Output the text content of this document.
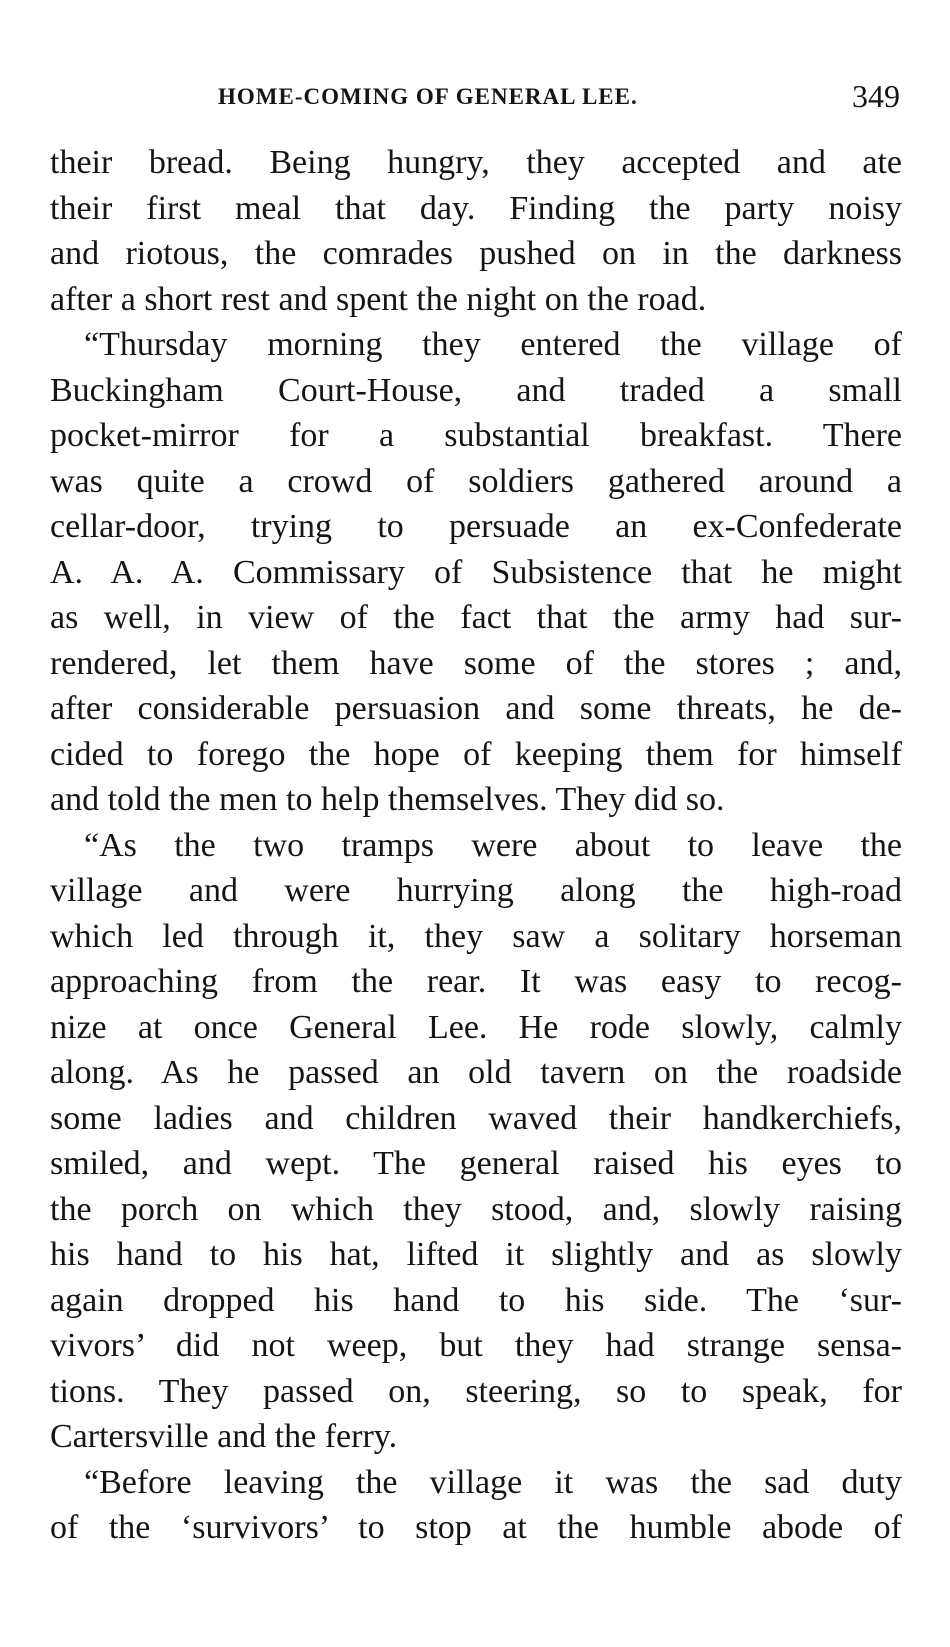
HOME-COMING OF GENERAL LEE.	349
their bread. Being hungry, they accepted and ate
their first meal that day. Finding the party noisy
and riotous, the comrades pushed on in the darkness
after a short rest and spent the night on the road.
“Thursday morning they entered the village of
Buckingham Court-House, and traded a small
pocket-mirror for a substantial breakfast. There
was quite a crowd of soldiers gathered around a
cellar-door, trying to persuade an ex-Confederate
A. A. A. Commissary of Subsistence that he might
as well, in view of the fact that the army had sur-
rendered, let them have some of the stores ; and,
after considerable persuasion and some threats, he de-
cided to forego the hope of keeping them for himself
and told the men to help themselves. They did so.
“As the two tramps were about to leave the
village and were hurrying along the high-road
which led through it, they saw a solitary horseman
approaching from the rear. It was easy to recog-
nize at once General Lee. He rode slowly, calmly
along. As he passed an old tavern on the roadside
some ladies and children waved their handkerchiefs,
smiled, and wept. The general raised his eyes to
the porch on which they stood, and, slowly raising
his hand to his hat, lifted it slightly and as slowly
again dropped his hand to his side. The ‘sur-
vivors’ did not weep, but they had strange sensa-
tions. They passed on, steering, so to speak, for
Cartersville and the ferry.
“Before leaving the village it was the sad duty
of the ‘survivors’ to stop at the humble abode of
